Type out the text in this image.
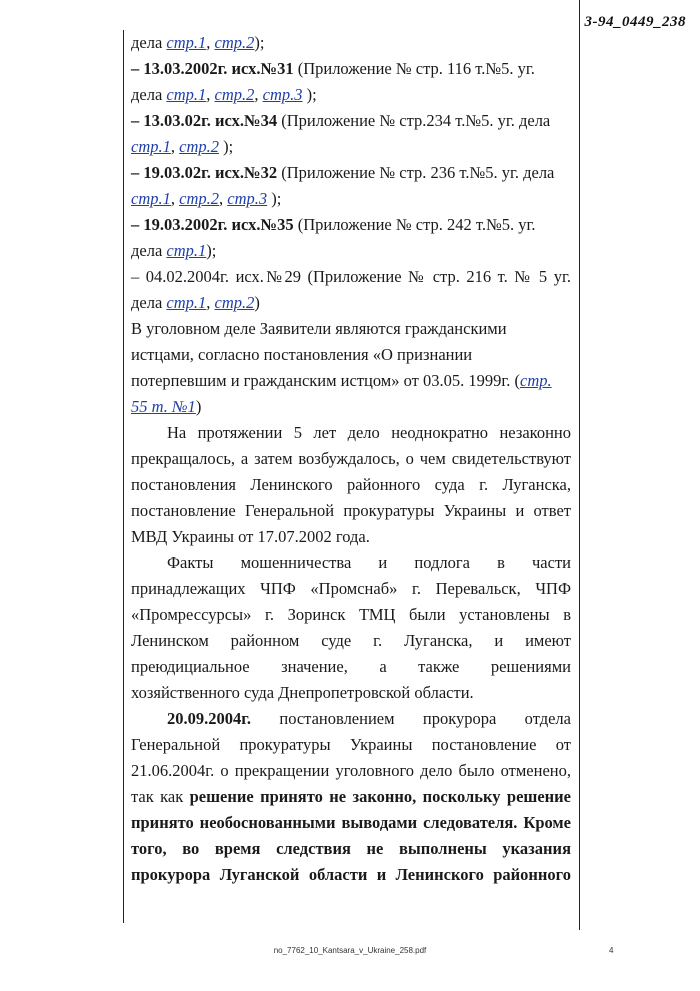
3-94_0449_238

дела стр.1, стр.2);

– 13.03.2002г. исх.№31 (Приложение № стр. 116 т.№5. уг.

дела стр.1, стр.2, стр.3 );

– 13.03.02г. исх.№34 (Приложение № стр.234 т.№5. уг. дела

стр.1, стр.2 );

– 19.03.02г. исх.№32 (Приложение № стр. 236 т.№5. уг. дела

стр.1, стр.2, стр.3 );

– 19.03.2002г. исх.№35 (Приложение № стр. 242 т.№5. уг.

дела стр.1);

– 04.02.2004г. исх.№29 (Приложение № стр. 216 т. № 5 уг.

дела стр.1, стр.2)

В уголовном деле Заявители являются гражданскими

истцами, согласно постановления «О признании

потерпевшим и гражданским истцом» от 03.05. 1999г. (стр.

55 т. №1)

На протяжении 5 лет дело неоднократно незаконно прекращалось, а затем возбуждалось, о чем свидетельствуют постановления Ленинского районного суда г. Луганска, постановление Генеральной прокуратуры Украины и ответ МВД Украины от 17.07.2002 года.

Факты мошенничества и подлога в части принадлежащих ЧПФ «Промснаб» г. Перевальск, ЧПФ «Промрессурсы» г. Зоринск ТМЦ были установлены в Ленинском районном суде г. Луганска, и имеют преюдициальное значение, а также решениями хозяйственного суда Днепропетровской области.

20.09.2004г. постановлением прокурора отдела Генеральной прокуратуры Украины постановление от 21.06.2004г. о прекращении уголовного дело было отменено, так как решение принято не законно, поскольку решение принято необоснованными выводами следователя. Кроме того, во время следствия не выполнены указания прокурора Луганской области и Ленинского районного

no_7762_10_Kantsara_v_Ukraine_258.pdf	4
